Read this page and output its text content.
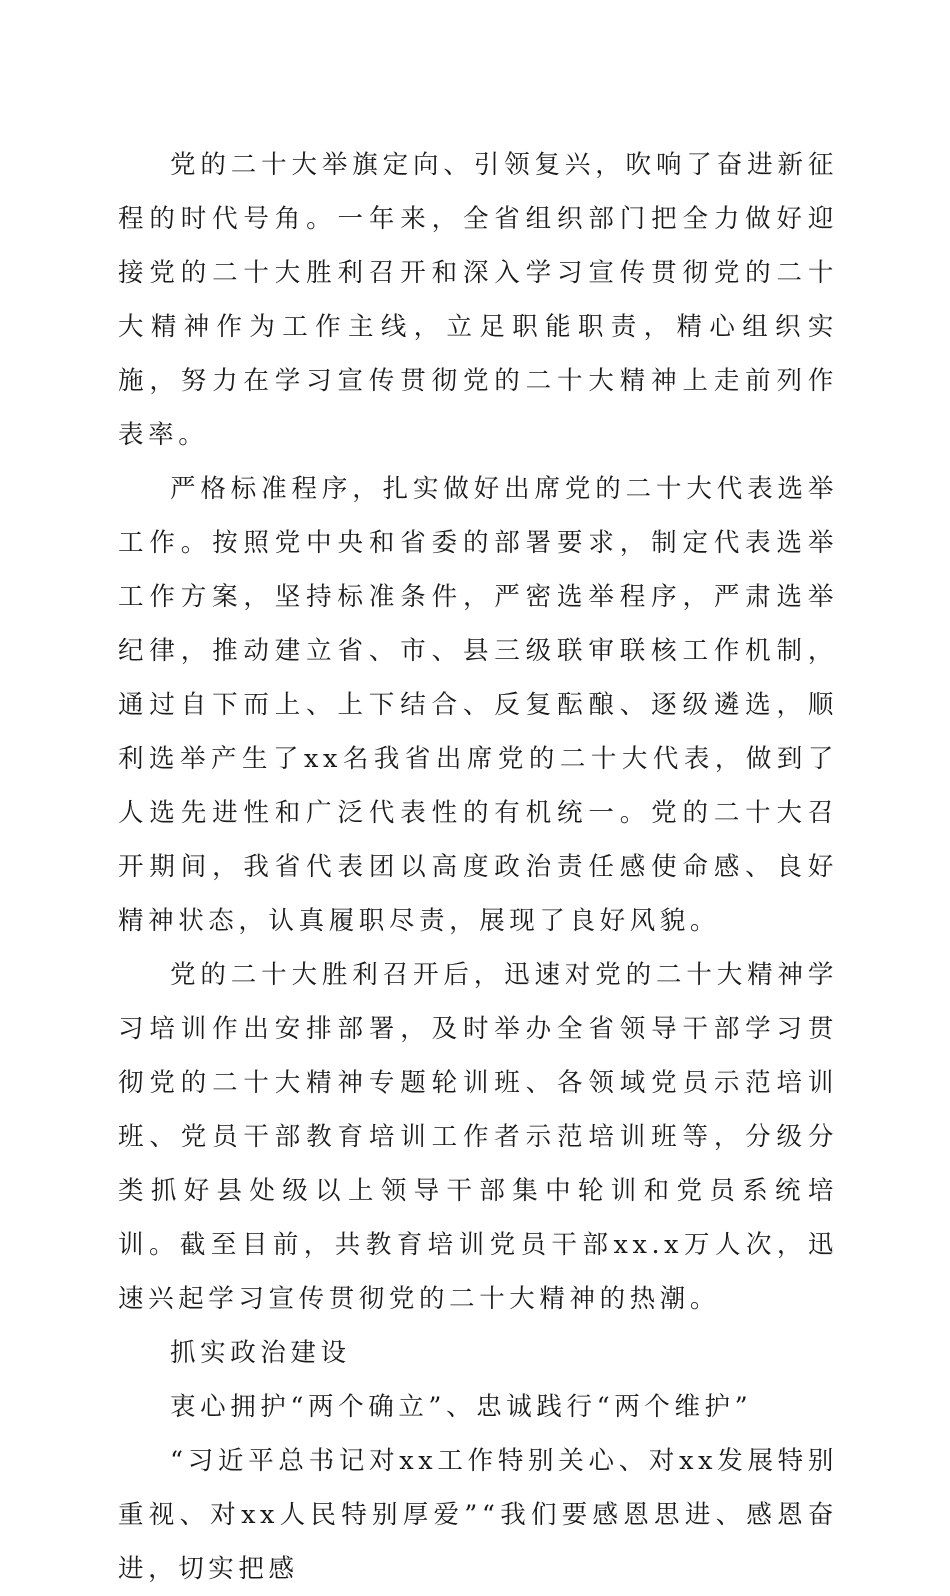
党的二十大举旗定向、引领复兴，吹响了奋进新征程的时代号角。一年来，全省组织部门把全力做好迎接党的二十大胜利召开和深入学习宣传贯彻党的二十大精神作为工作主线，立足职能职责，精心组织实施，努力在学习宣传贯彻党的二十大精神上走前列作表率。

严格标准程序，扎实做好出席党的二十大代表选举工作。按照党中央和省委的部署要求，制定代表选举工作方案，坚持标准条件，严密选举程序，严肃选举纪律，推动建立省、市、县三级联审联核工作机制，通过自下而上、上下结合、反复酝酿、逐级遴选，顺利选举产生了xx名我省出席党的二十大代表，做到了人选先进性和广泛代表性的有机统一。党的二十大召开期间，我省代表团以高度政治责任感使命感、良好精神状态，认真履职尽责，展现了良好风貌。

党的二十大胜利召开后，迅速对党的二十大精神学习培训作出安排部署，及时举办全省领导干部学习贯彻党的二十大精神专题轮训班、各领域党员示范培训班、党员干部教育培训工作者示范培训班等，分级分类抓好县处级以上领导干部集中轮训和党员系统培训。截至目前，共教育培训党员干部xx.x万人次，迅速兴起学习宣传贯彻党的二十大精神的热潮。

抓实政治建设

衷心拥护“两个确立”、忠诚践行“两个维护”

“习近平总书记对xx工作特别关心、对xx发展特别重视、对xx人民特别厚爱”“我们要感恩思进、感恩奋进，切实把感
